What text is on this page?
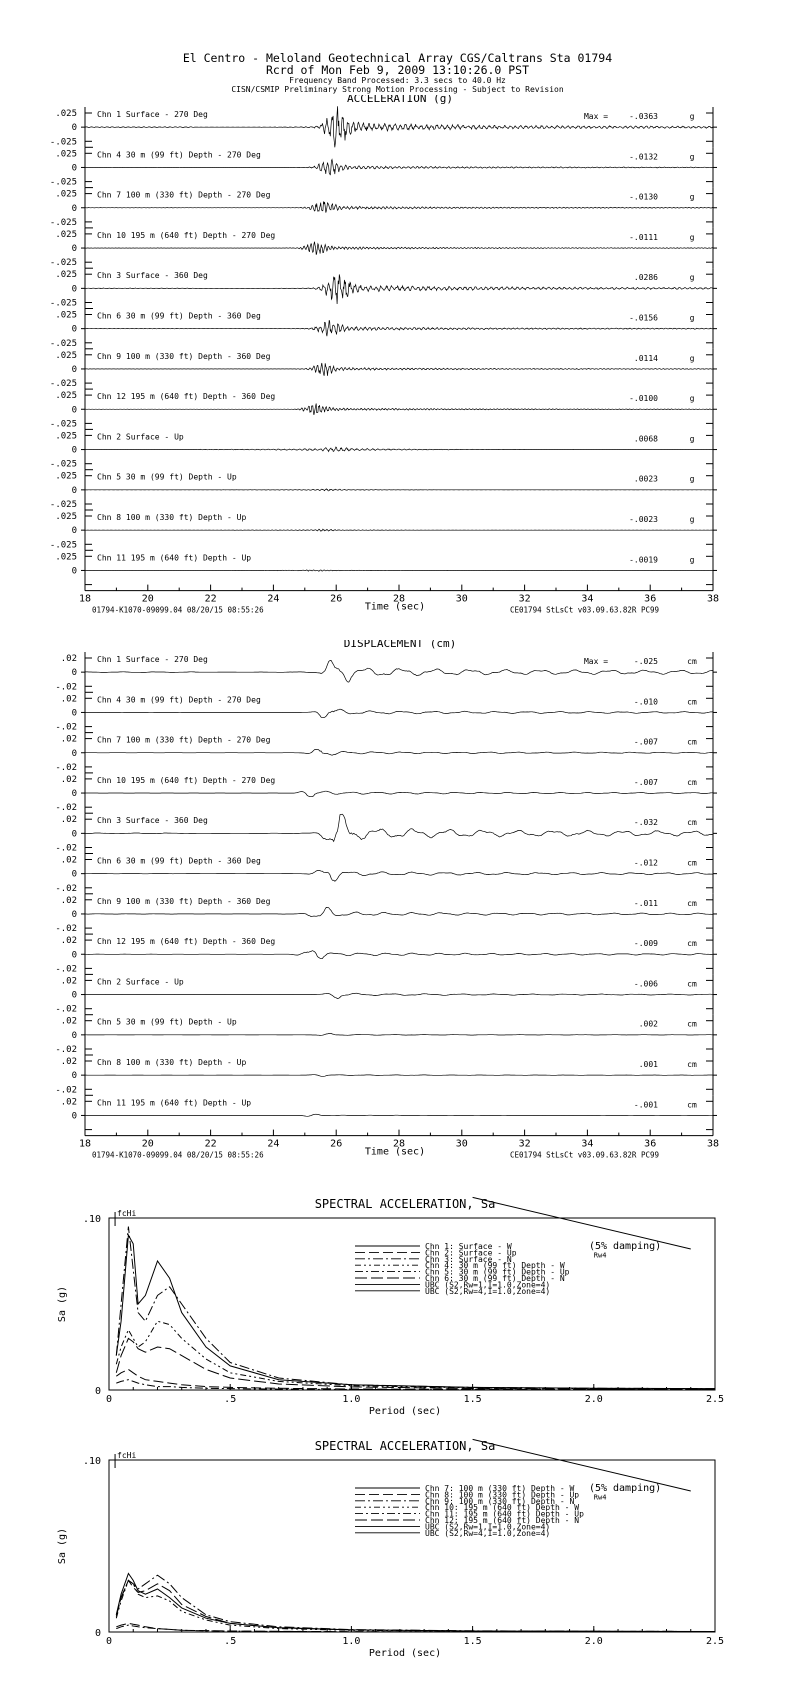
El Centro - Meloland Geotechnical Array CGS/Caltrans Sta 01794
Rcrd of Mon Feb 9, 2009 13:10:26.0 PST
Frequency Band Processed: 3.3 secs to 40.0 Hz
CISN/CSMIP Preliminary Strong Motion Processing - Subject to Revision
ACCELERATION (g)
.025
0
-.025
Chn 1 Surface - 270 Deg	Max =	-.0363	g
.025
0
-.025
Chn 4 30 m (99 ft) Depth - 270 Deg	-.0132	g
.025
0
-.025
Chn 7 100 m (330 ft) Depth - 270 Deg	-.0130	g
.025
0
-.025
Chn 10 195 m (640 ft) Depth - 270 Deg	-.0111	g
.025
0
-.025
Chn 3 Surface - 360 Deg	.0286	g
.025
0
-.025
Chn 6 30 m (99 ft) Depth - 360 Deg	-.0156	g
.025
0
-.025
Chn 9 100 m (330 ft) Depth - 360 Deg	.0114	g
.025
0
-.025
Chn 12 195 m (640 ft) Depth - 360 Deg	-.0100	g
.025
0
-.025
Chn 2 Surface - Up	.0068	g
.025
0
-.025
Chn 5 30 m (99 ft) Depth - Up	.0023	g
.025
0
-.025
Chn 8 100 m (330 ft) Depth - Up	-.0023	g
.025
0
Chn 11 195 m (640 ft) Depth - Up	-.0019	g
18	20	22	24	26	28	30	32	34	36	38
Time (sec)
01794-K1070-09099.04 08/20/15 08:55:26	CE01794 StLsCt v03.09.63.82R PC99
DISPLACEMENT (cm)
.02
0
-.02
Chn 1 Surface - 270 Deg	Max =	-.025	cm
.02
0
-.02
Chn 4 30 m (99 ft) Depth - 270 Deg	-.010	cm
.02
0
-.02
Chn 7 100 m (330 ft) Depth - 270 Deg	-.007	cm
.02
0
-.02
Chn 10 195 m (640 ft) Depth - 270 Deg	-.007	cm
.02
0
-.02
Chn 3 Surface - 360 Deg	-.032	cm
.02
0
-.02
Chn 6 30 m (99 ft) Depth - 360 Deg	-.012	cm
.02
0
-.02
Chn 9 100 m (330 ft) Depth - 360 Deg	-.011	cm
.02
0
-.02
Chn 12 195 m (640 ft) Depth - 360 Deg	-.009	cm
.02
0
-.02
Chn 2 Surface - Up	-.006	cm
.02
0
-.02
Chn 5 30 m (99 ft) Depth - Up	.002	cm
.02
0
-.02
Chn 8 100 m (330 ft) Depth - Up	.001	cm
.02
0
Chn 11 195 m (640 ft) Depth - Up	-.001	cm
18	20	22	24	26	28	30	32	34	36	38
Time (sec)
01794-K1070-09099.04 08/20/15 08:55:26	CE01794 StLsCt v03.09.63.82R PC99
SPECTRAL ACCELERATION, Sa
0	.5	1.0	1.5	2.0	2.5
.10
0
Period (sec)
Sa (g)
fcHi
(5% damping)
Rw4
Chn 1: Surface - W
Chn 2: Surface - Up
Chn 3: Surface - N
Chn 4: 30 m (99 ft) Depth - W
Chn 5: 30 m (99 ft) Depth - Up
Chn 6: 30 m (99 ft) Depth - N
UBC (S2,Rw=1,I=1.0,Zone=4)
UBC (S2,Rw=4,I=1.0,Zone=4)
SPECTRAL ACCELERATION, Sa
0	.5	1.0	1.5	2.0	2.5
.10
0
Period (sec)
Sa (g)
fcHi
(5% damping)
Rw4
Chn 7: 100 m (330 ft) Depth - W
Chn 8: 100 m (330 ft) Depth - Up
Chn 9: 100 m (330 ft) Depth - N
Chn 10: 195 m (640 ft) Depth - W
Chn 11: 195 m (640 ft) Depth - Up
Chn 12: 195 m (640 ft) Depth - N
UBC (S2,Rw=1,I=1.0,Zone=4)
UBC (S2,Rw=4,I=1.0,Zone=4)
